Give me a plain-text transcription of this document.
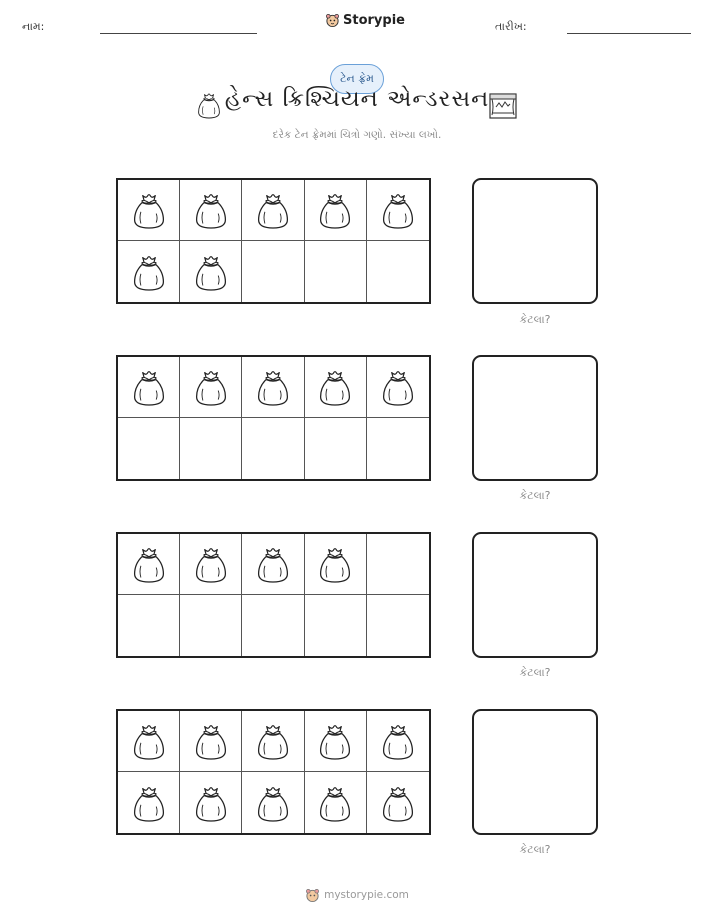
નામ:	Storypie	તારીખ:
ટેન ફ્રેમ
હેન્સ ક્રિશ્ચિયન એન્ડરસન
દરેક ટેન ફ્રેમમાં ચિત્રો ગણો. સંખ્યા લખો.
કેટલા?
કેટલા?
કેટલા?
કેટલા?
mystorypie.com
